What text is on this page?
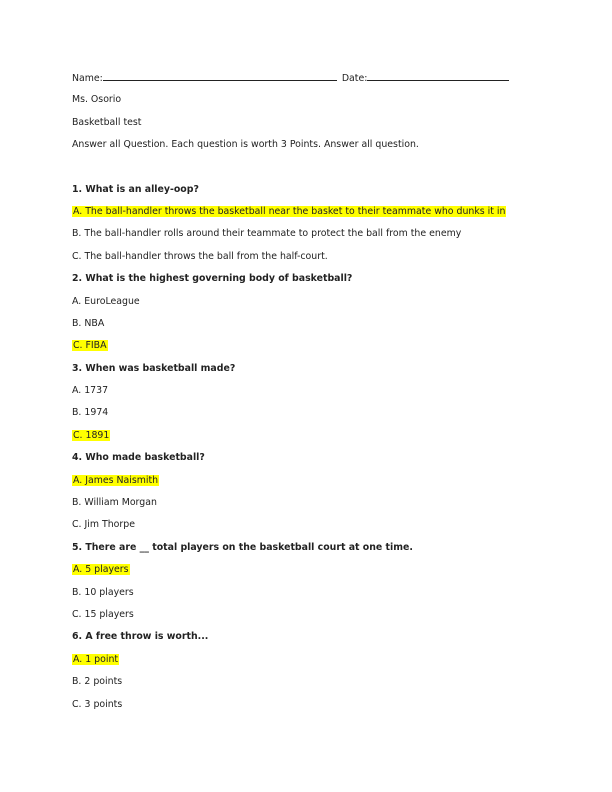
Name:	Date:
Ms. Osorio
Basketball test
Answer all Question. Each question is worth 3 Points. Answer all question.
1. What is an alley-oop?
A. The ball-handler throws the basketball near the basket to their teammate who dunks it in
B. The ball-handler rolls around their teammate to protect the ball from the enemy
C. The ball-handler throws the ball from the half-court.
2. What is the highest governing body of basketball?
A. EuroLeague
B. NBA
C. FIBA
3. When was basketball made?
A. 1737
B. 1974
C. 1891
4. Who made basketball?
A. James Naismith
B. William Morgan
C. Jim Thorpe
5. There are __ total players on the basketball court at one time.
A. 5 players
B. 10 players
C. 15 players
6. A free throw is worth...
A. 1 point
B. 2 points
C. 3 points
